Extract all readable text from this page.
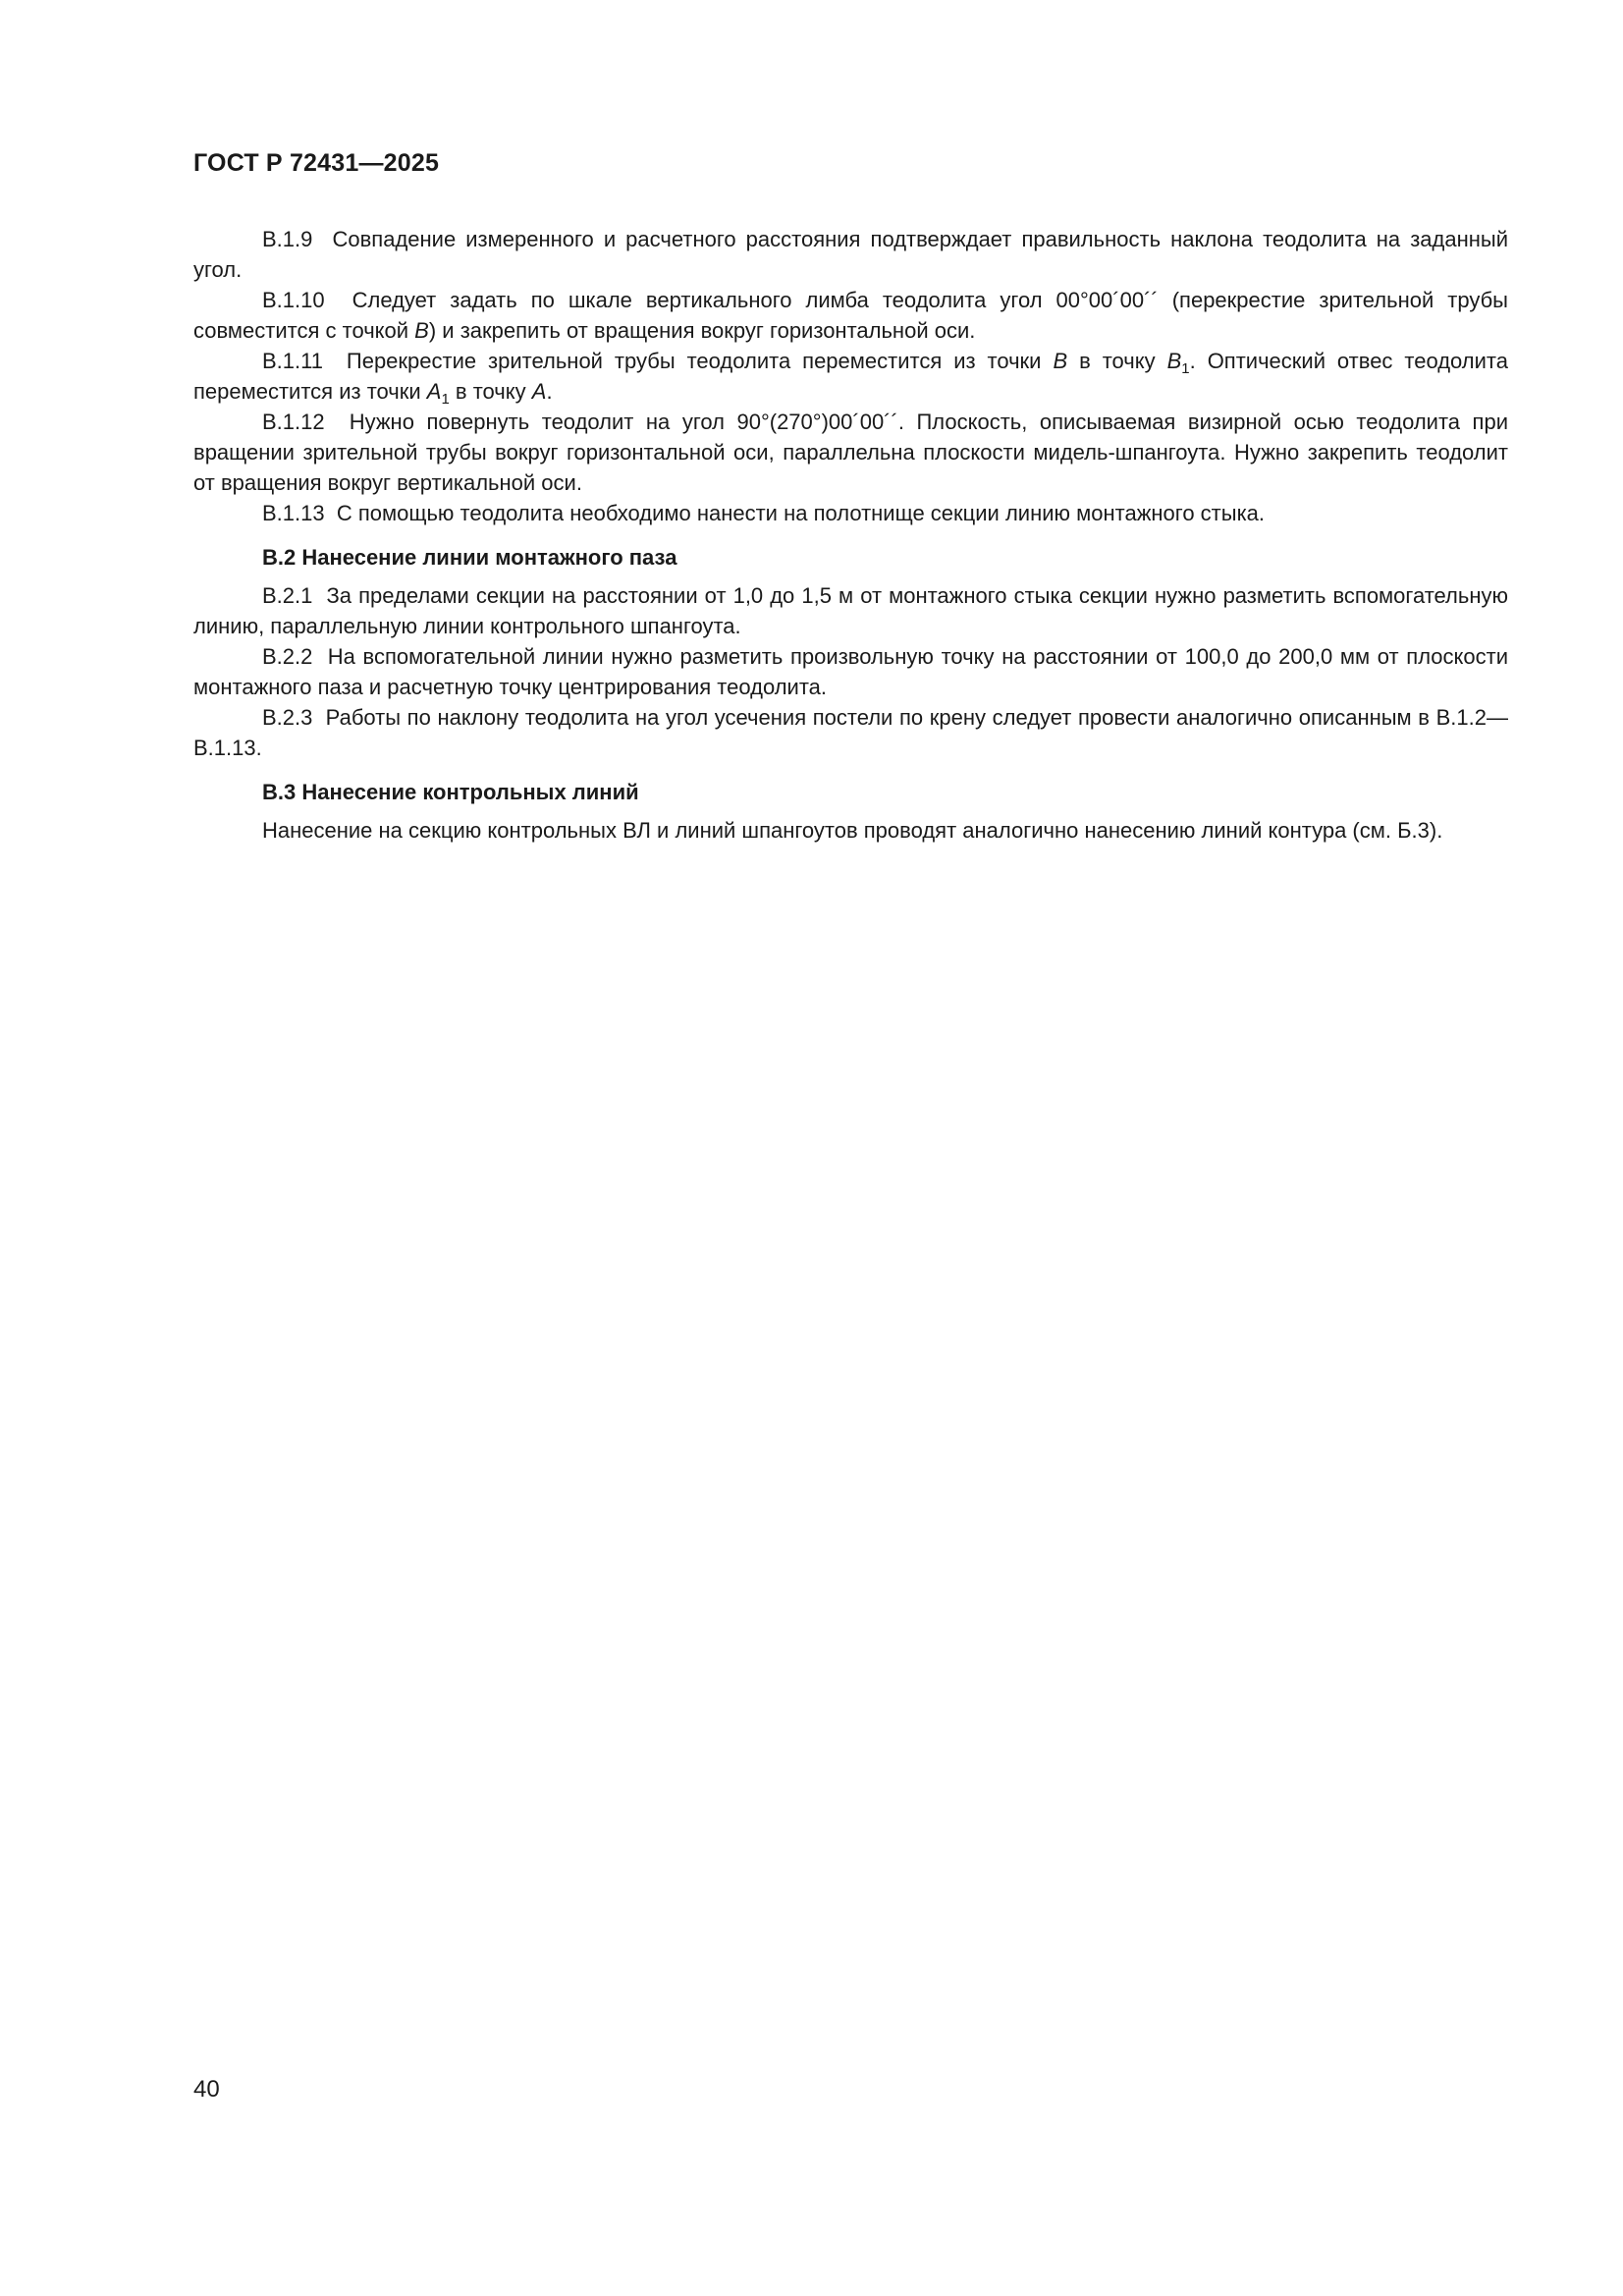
ГОСТ Р 72431—2025

В.1.9 Совпадение измеренного и расчетного расстояния подтверждает правильность наклона теодолита на заданный угол.

В.1.10 Следует задать по шкале вертикального лимба теодолита угол 00°00´00´´ (перекрестие зрительной трубы совместится с точкой В) и закрепить от вращения вокруг горизонтальной оси.

В.1.11 Перекрестие зрительной трубы теодолита переместится из точки В в точку $В_1$. Оптический отвес теодолита переместится из точки $А_1$ в точку А.

В.1.12 Нужно повернуть теодолит на угол 90°(270°)00´00´´. Плоскость, описываемая визирной осью теодолита при вращении зрительной трубы вокруг горизонтальной оси, параллельна плоскости мидель-шпангоута. Нужно закрепить теодолит от вращения вокруг вертикальной оси.

В.1.13 С помощью теодолита необходимо нанести на полотнище секции линию монтажного стыка.

В.2 Нанесение линии монтажного паза

В.2.1 За пределами секции на расстоянии от 1,0 до 1,5 м от монтажного стыка секции нужно разметить вспомогательную линию, параллельную линии контрольного шпангоута.

В.2.2 На вспомогательной линии нужно разметить произвольную точку на расстоянии от 100,0 до 200,0 мм от плоскости монтажного паза и расчетную точку центрирования теодолита.

В.2.3 Работы по наклону теодолита на угол усечения постели по крену следует провести аналогично описанным в В.1.2—В.1.13.

В.3 Нанесение контрольных линий

Нанесение на секцию контрольных ВЛ и линий шпангоутов проводят аналогично нанесению линий контура (см. Б.3).

40
